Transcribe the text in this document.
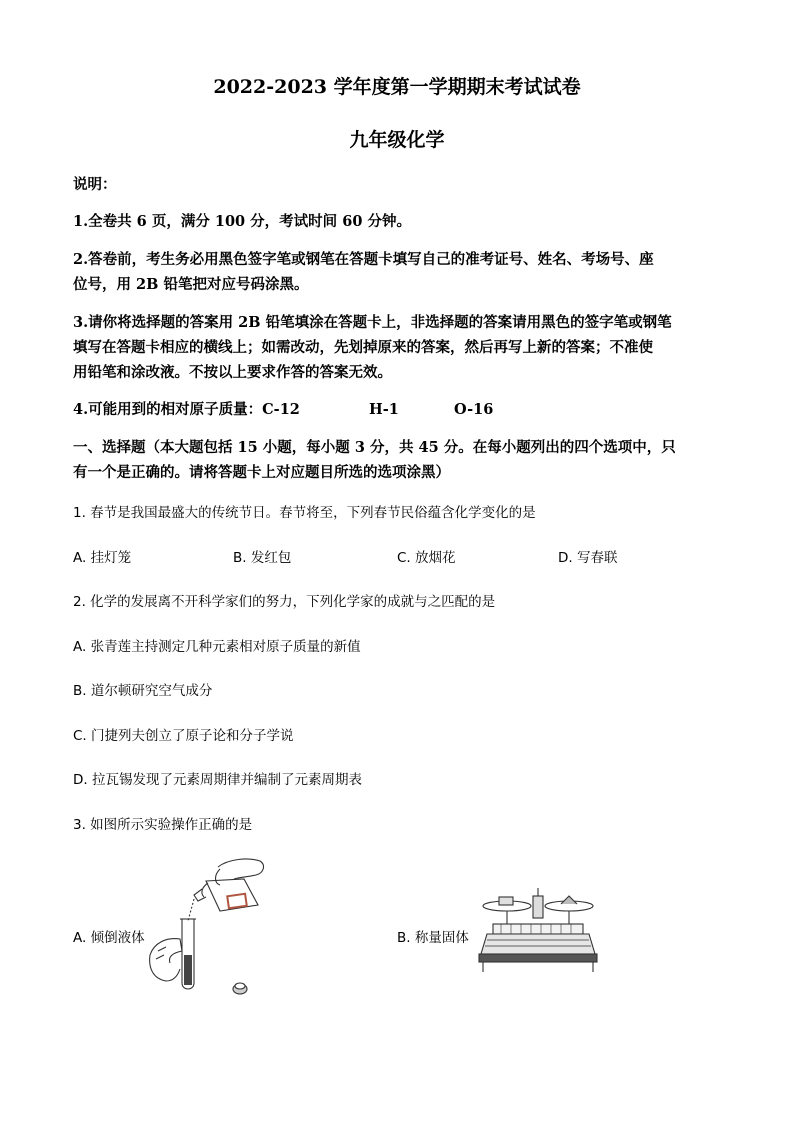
2022-2023 学年度第一学期期末考试试卷
九年级化学
说明：
1.全卷共 6 页，满分 100 分，考试时间 60 分钟。
2.答卷前，考生务必用黑色签字笔或钢笔在答题卡填写自己的准考证号、姓名、考场号、座
位号，用 2B 铅笔把对应号码涂黑。
3.请你将选择题的答案用 2B 铅笔填涂在答题卡上，非选择题的答案请用黑色的签字笔或钢笔
填写在答题卡相应的横线上；如需改动，先划掉原来的答案，然后再写上新的答案；不准使
用铅笔和涂改液。不按以上要求作答的答案无效。
4.可能用到的相对原子质量：C-12	H-1	O-16
一、选择题（本大题包括 15 小题，每小题 3 分，共 45 分。在每小题列出的四个选项中，只
有一个是正确的。请将答题卡上对应题目所选的选项涂黑）
1. 春节是我国最盛大的传统节日。春节将至，下列春节民俗蕴含化学变化的是
A. 挂灯笼	B. 发红包	C. 放烟花	D. 写春联
2. 化学的发展离不开科学家们的努力，下列化学家的成就与之匹配的是
A. 张青莲主持测定几种元素相对原子质量的新值
B. 道尔顿研究空气成分
C. 门捷列夫创立了原子论和分子学说
D. 拉瓦锡发现了元素周期律并编制了元素周期表
3. 如图所示实验操作正确的是
A. 倾倒液体	B. 称量固体
